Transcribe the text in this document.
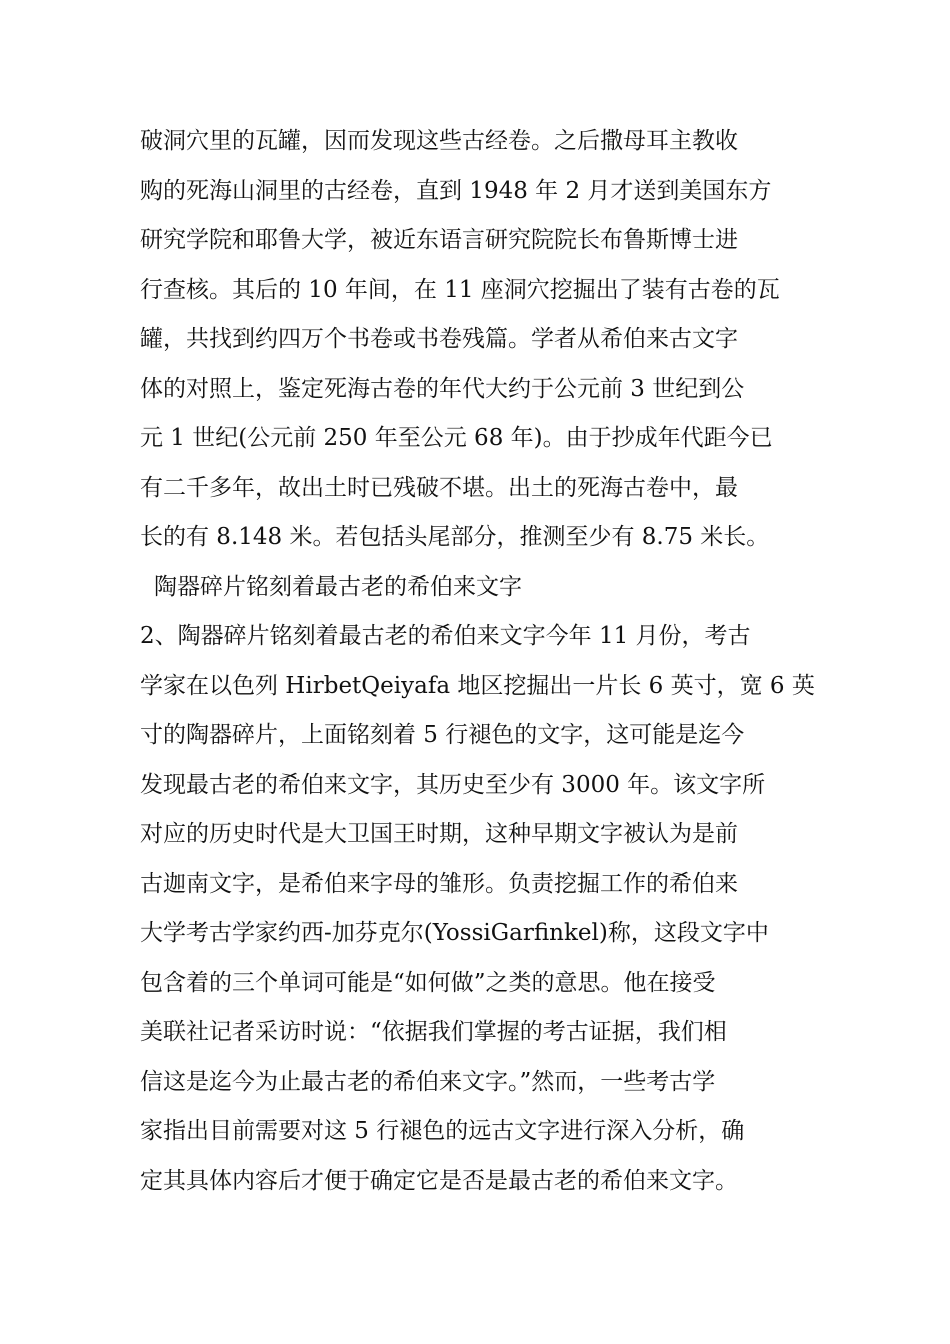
破洞穴里的瓦罐，因而发现这些古经卷。之后撒母耳主教收
购的死海山洞里的古经卷，直到 1948 年 2 月才送到美国东方
研究学院和耶鲁大学，被近东语言研究院院长布鲁斯博士进
行查核。其后的 10 年间，在 11 座洞穴挖掘出了装有古卷的瓦
罐，共找到约四万个书卷或书卷残篇。学者从希伯来古文字
体的对照上，鉴定死海古卷的年代大约于公元前 3 世纪到公
元 1 世纪(公元前 250 年至公元 68 年)。由于抄成年代距今已
有二千多年，故出土时已残破不堪。出土的死海古卷中，最
长的有 8.148 米。若包括头尾部分，推测至少有 8.75 米长。
陶器碎片铭刻着最古老的希伯来文字
2、陶器碎片铭刻着最古老的希伯来文字今年 11 月份，考古
学家在以色列 HirbetQeiyafa 地区挖掘出一片长 6 英寸，宽 6 英
寸的陶器碎片，上面铭刻着 5 行褪色的文字，这可能是迄今
发现最古老的希伯来文字，其历史至少有 3000 年。该文字所
对应的历史时代是大卫国王时期，这种早期文字被认为是前
古迦南文字，是希伯来字母的雏形。负责挖掘工作的希伯来
大学考古学家约西-加芬克尔(YossiGarfinkel)称，这段文字中
包含着的三个单词可能是“如何做”之类的意思。他在接受
美联社记者采访时说：“依据我们掌握的考古证据，我们相
信这是迄今为止最古老的希伯来文字。”然而，一些考古学
家指出目前需要对这 5 行褪色的远古文字进行深入分析，确
定其具体内容后才便于确定它是否是最古老的希伯来文字。
